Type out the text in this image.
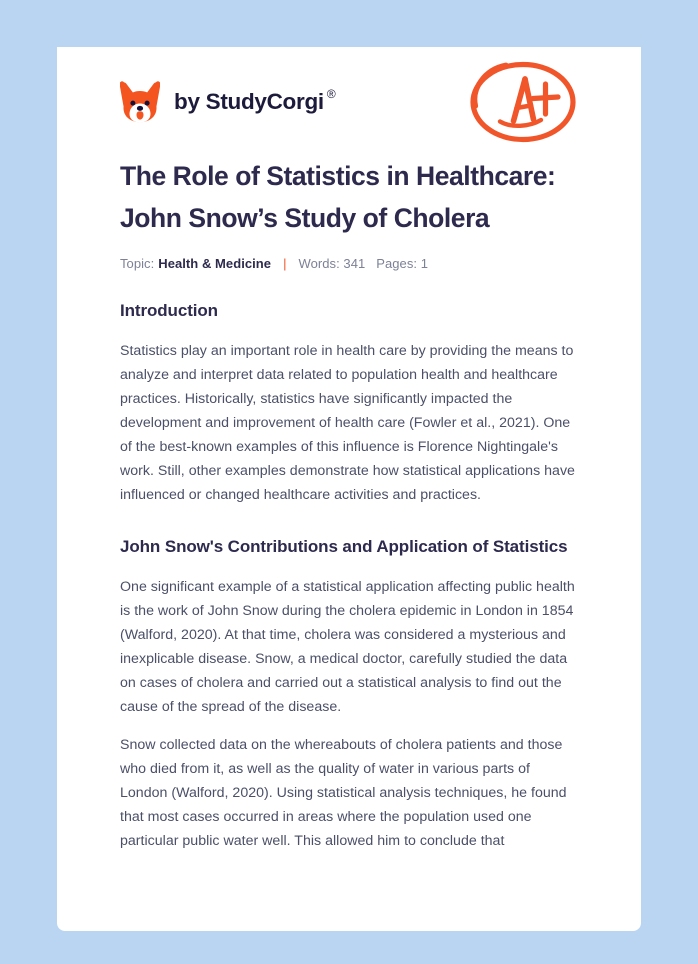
by StudyCorgi ®
The Role of Statistics in Healthcare: John Snow’s Study of Cholera
Topic: Health & Medicine | Words: 341 Pages: 1
Introduction

Statistics play an important role in health care by providing the means to analyze and interpret data related to population health and healthcare practices. Historically, statistics have significantly impacted the development and improvement of health care (Fowler et al., 2021). One of the best-known examples of this influence is Florence Nightingale's work. Still, other examples demonstrate how statistical applications have influenced or changed healthcare activities and practices.

John Snow's Contributions and Application of Statistics

One significant example of a statistical application affecting public health is the work of John Snow during the cholera epidemic in London in 1854 (Walford, 2020). At that time, cholera was considered a mysterious and inexplicable disease. Snow, a medical doctor, carefully studied the data on cases of cholera and carried out a statistical analysis to find out the cause of the spread of the disease.

Snow collected data on the whereabouts of cholera patients and those who died from it, as well as the quality of water in various parts of London (Walford, 2020). Using statistical analysis techniques, he found that most cases occurred in areas where the population used one particular public water well. This allowed him to conclude that
